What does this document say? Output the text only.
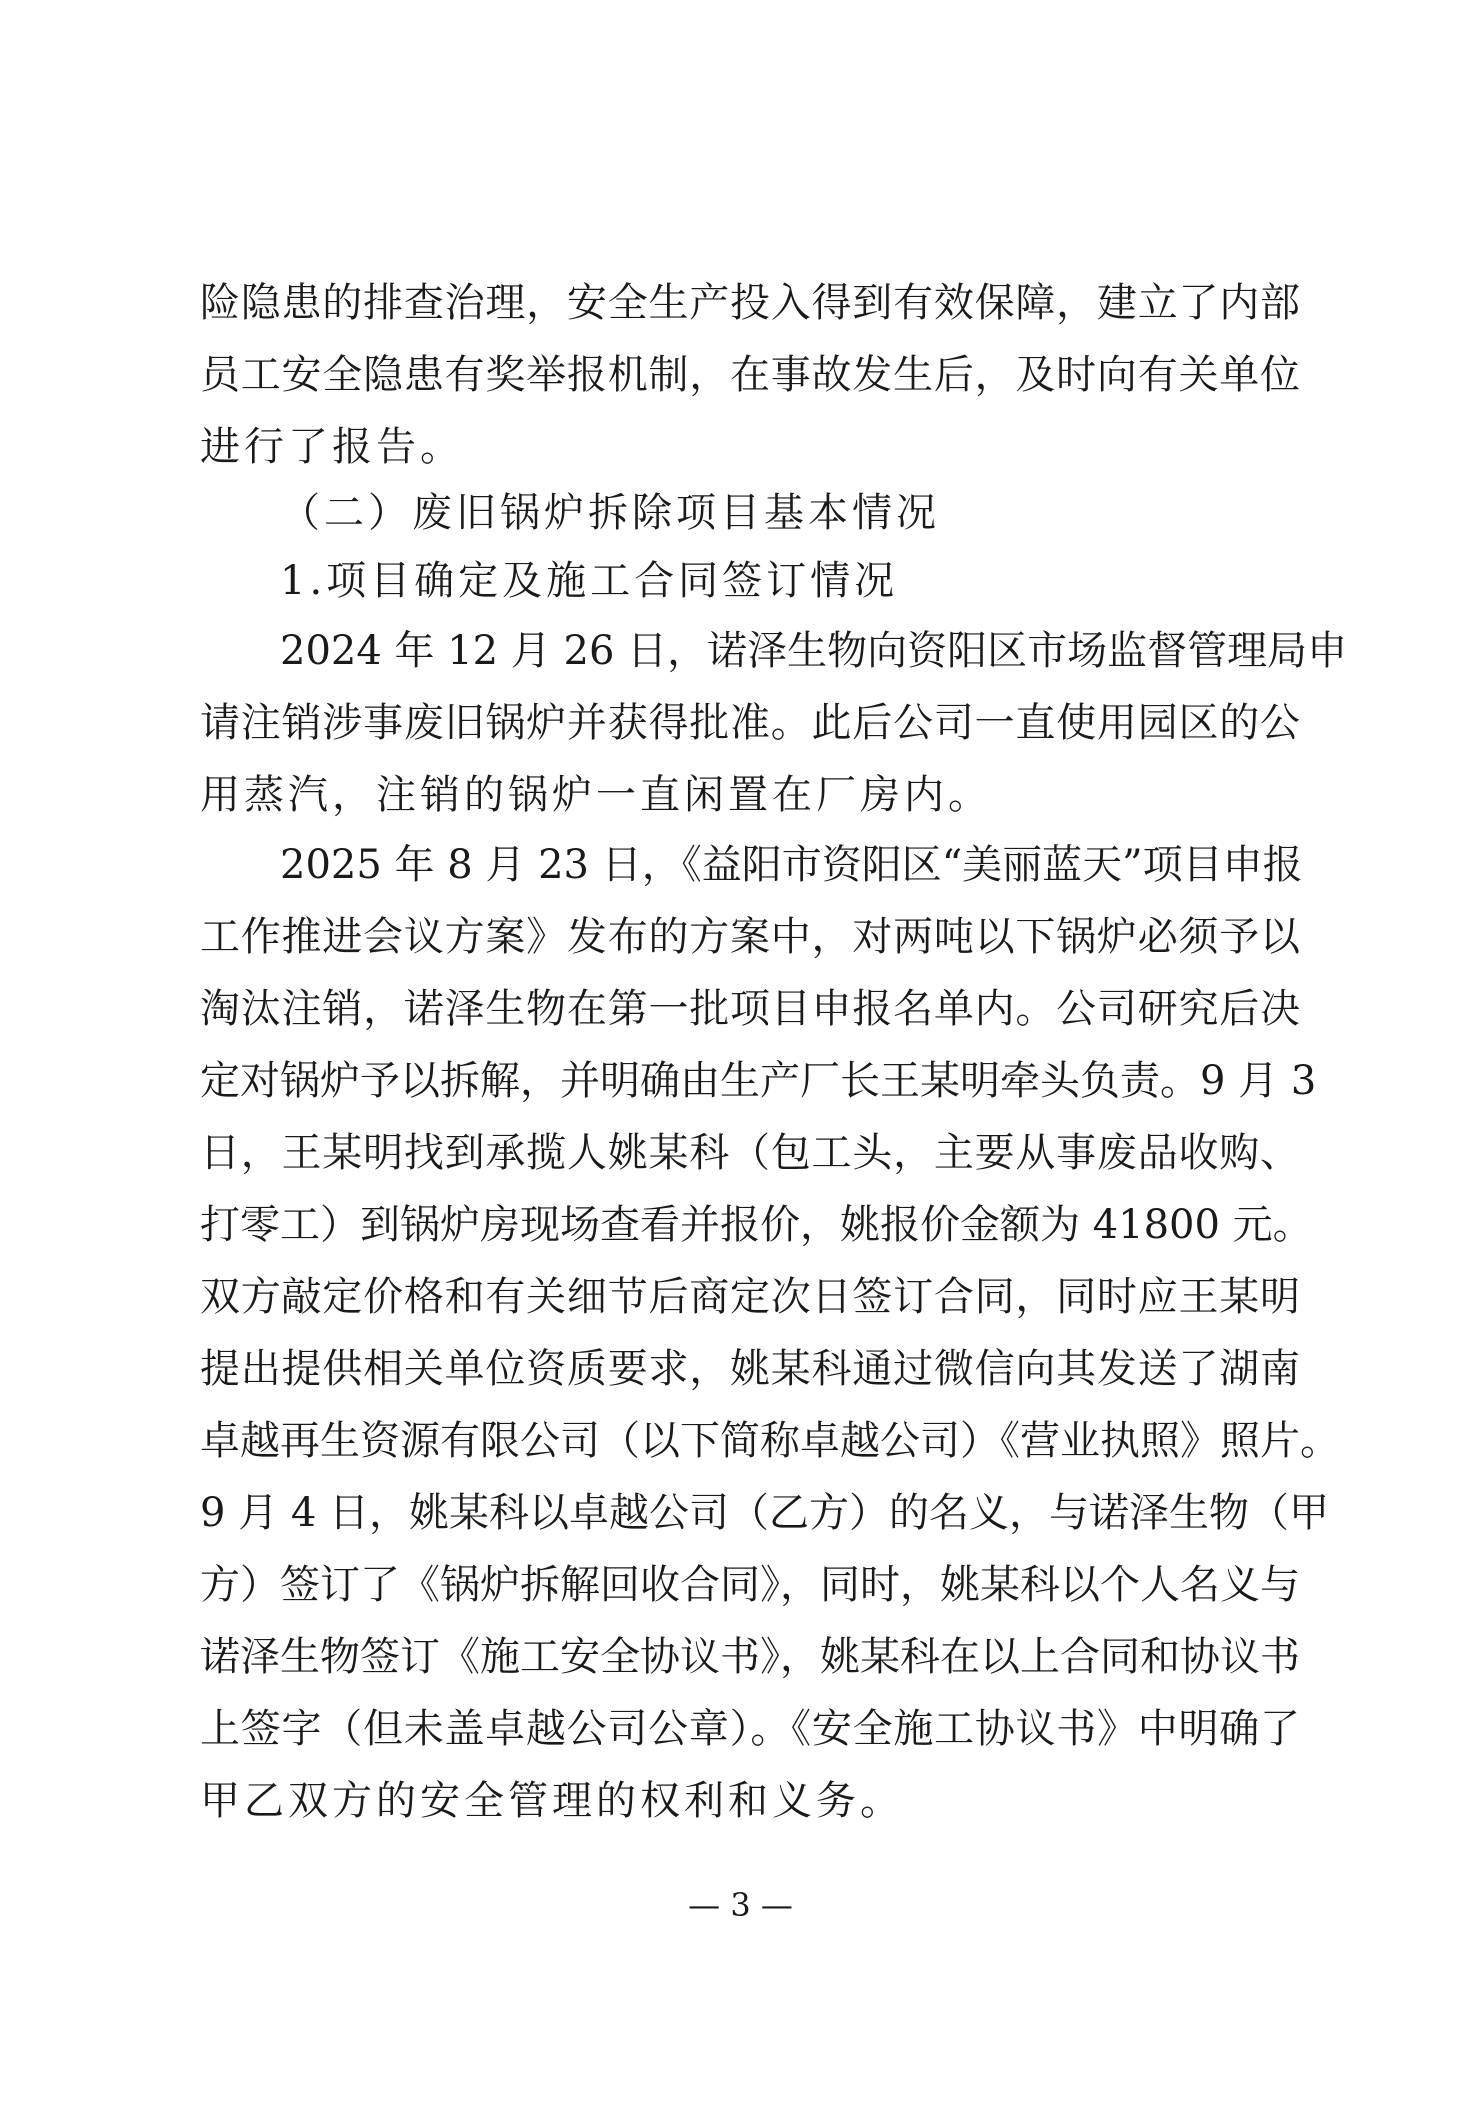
险隐患的排查治理，安全生产投入得到有效保障，建立了内部
员工安全隐患有奖举报机制，在事故发生后，及时向有关单位
进行了报告。
（二）废旧锅炉拆除项目基本情况
1.项目确定及施工合同签订情况
2024 年 12 月 26 日，诺泽生物向资阳区市场监督管理局申
请注销涉事废旧锅炉并获得批准。此后公司一直使用园区的公
用蒸汽，注销的锅炉一直闲置在厂房内。
2025 年 8 月 23 日，《益阳市资阳区“美丽蓝天”项目申报
工作推进会议方案》发布的方案中，对两吨以下锅炉必须予以
淘汰注销，诺泽生物在第一批项目申报名单内。公司研究后决
定对锅炉予以拆解，并明确由生产厂长王某明牵头负责。9 月 3
日，王某明找到承揽人姚某科（包工头，主要从事废品收购、
打零工）到锅炉房现场查看并报价，姚报价金额为 41800 元。
双方敲定价格和有关细节后商定次日签订合同，同时应王某明
提出提供相关单位资质要求，姚某科通过微信向其发送了湖南
卓越再生资源有限公司（以下简称卓越公司）《营业执照》照片。
9 月 4 日，姚某科以卓越公司（乙方）的名义，与诺泽生物（甲
方）签订了《锅炉拆解回收合同》，同时，姚某科以个人名义与
诺泽生物签订《施工安全协议书》，姚某科在以上合同和协议书
上签字（但未盖卓越公司公章）。《安全施工协议书》中明确了
甲乙双方的安全管理的权利和义务。
— 3 —
